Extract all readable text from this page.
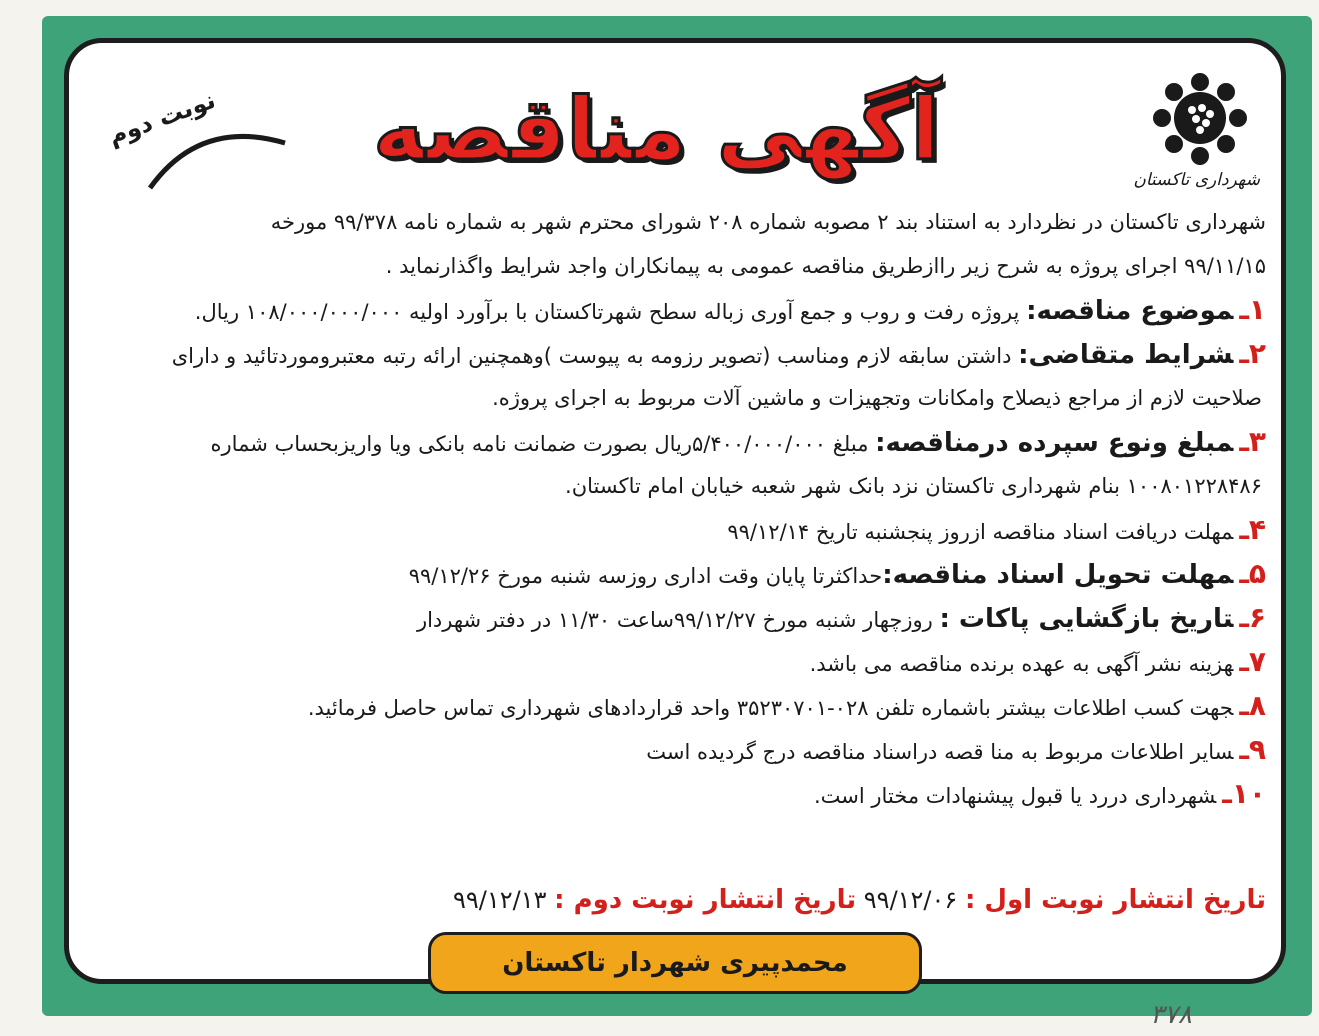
شهرداری تاکستان
آگهی مناقصه
نوبت دوم
شهرداری تاکستان در نظردارد به استناد بند ۲ مصوبه شماره ۲۰۸ شورای محترم شهر به شماره نامه ۹۹/۳۷۸ مورخه
۹۹/۱۱/۱۵ اجرای پروژه به شرح زیر راازطریق مناقصه عمومی به پیمانکاران واجد شرایط واگذارنماید .
۱ـموضوع مناقصه: پروژه رفت و روب و جمع آوری زباله سطح شهرتاکستان با برآورد اولیه ۱۰۸/۰۰۰/۰۰۰/۰۰۰ ریال.
۲ـشرایط متقاضی: داشتن سابقه لازم ومناسب (تصویر رزومه به پیوست )وهمچنین ارائه رتبه معتبروموردتائید و دارای
صلاحیت لازم از مراجع ذیصلاح وامکانات وتجهیزات و ماشین آلات مربوط به اجرای پروژه.
۳ـمبلغ ونوع سپرده درمناقصه: مبلغ ۵/۴۰۰/۰۰۰/۰۰۰ریال بصورت ضمانت نامه بانکی ویا واریزبحساب شماره
۱۰۰۸۰۱۲۲۸۴۸۶ بنام شهرداری تاکستان نزد بانک شهر شعبه خیابان امام تاکستان.
۴ـمهلت دریافت اسناد مناقصه ازروز پنجشنبه تاریخ ۹۹/۱۲/۱۴
۵ـمهلت تحویل اسناد مناقصه:حداکثرتا پایان وقت اداری روزسه شنبه مورخ ۹۹/۱۲/۲۶
۶ـتاریخ بازگشایی پاکات : روزچهار شنبه مورخ ۹۹/۱۲/۲۷ساعت ۱۱/۳۰ در دفتر شهردار
۷ـهزینه نشر آگهی به عهده برنده مناقصه می باشد.
۸ـجهت کسب اطلاعات بیشتر باشماره تلفن ۰۲۸-۳۵۲۳۰۷۰۱ واحد قراردادهای شهرداری تماس حاصل فرمائید.
۹ـسایر اطلاعات مربوط به منا قصه دراسناد مناقصه درج گردیده است
۱۰ـشهرداری دررد یا قبول پیشنهادات مختار است.
تاریخ انتشار نوبت اول : ۹۹/۱۲/۰۶ تاریخ انتشار نوبت دوم : ۹۹/۱۲/۱۳
محمدپیری شهردار تاکستان
۳۷۸
